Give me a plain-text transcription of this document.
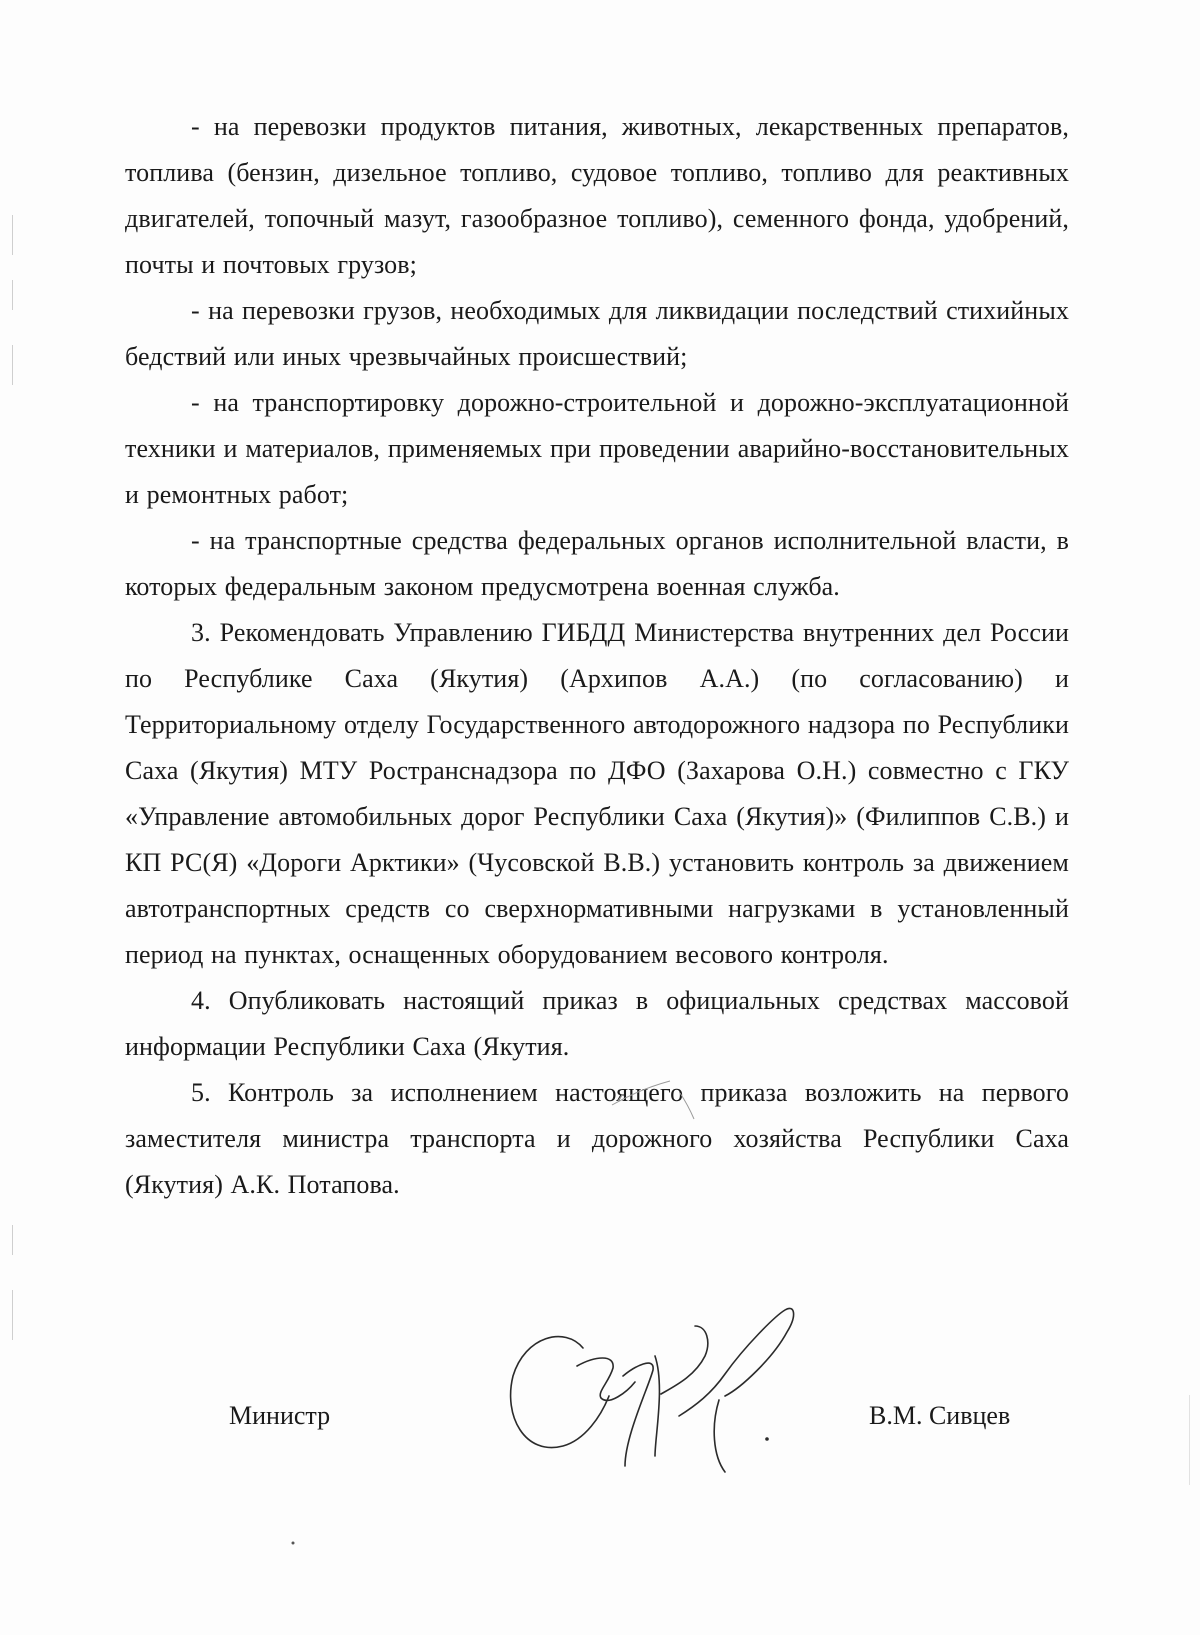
- на перевозки продуктов питания, животных, лекарственных препаратов, топлива (бензин, дизельное топливо, судовое топливо, топливо для реактивных двигателей, топочный мазут, газообразное топливо), семенного фонда, удобрений, почты и почтовых грузов;

- на перевозки грузов, необходимых для ликвидации последствий стихийных бедствий или иных чрезвычайных происшествий;

- на транспортировку дорожно-строительной и дорожно-эксплуатационной техники и материалов, применяемых при проведении аварийно-восстановительных и ремонтных работ;

- на транспортные средства федеральных органов исполнительной власти, в которых федеральным законом предусмотрена военная служба.

3. Рекомендовать Управлению ГИБДД Министерства внутренних дел России по Республике Саха (Якутия) (Архипов А.А.) (по согласованию) и Территориальному отделу Государственного автодорожного надзора по Республики Саха (Якутия) МТУ Ространснадзора по ДФО (Захарова О.Н.) совместно с ГКУ «Управление автомобильных дорог Республики Саха (Якутия)» (Филиппов С.В.) и КП РС(Я) «Дороги Арктики» (Чусовской В.В.) установить контроль за движением автотранспортных средств со сверхнормативными нагрузками в установленный период на пунктах, оснащенных оборудованием весового контроля.

4. Опубликовать настоящий приказ в официальных средствах массовой информации Республики Саха (Якутия.

5. Контроль за исполнением настоящего приказа возложить на первого заместителя министра транспорта и дорожного хозяйства Республики Саха (Якутия) А.К. Потапова.

Министр	В.М. Сивцев
